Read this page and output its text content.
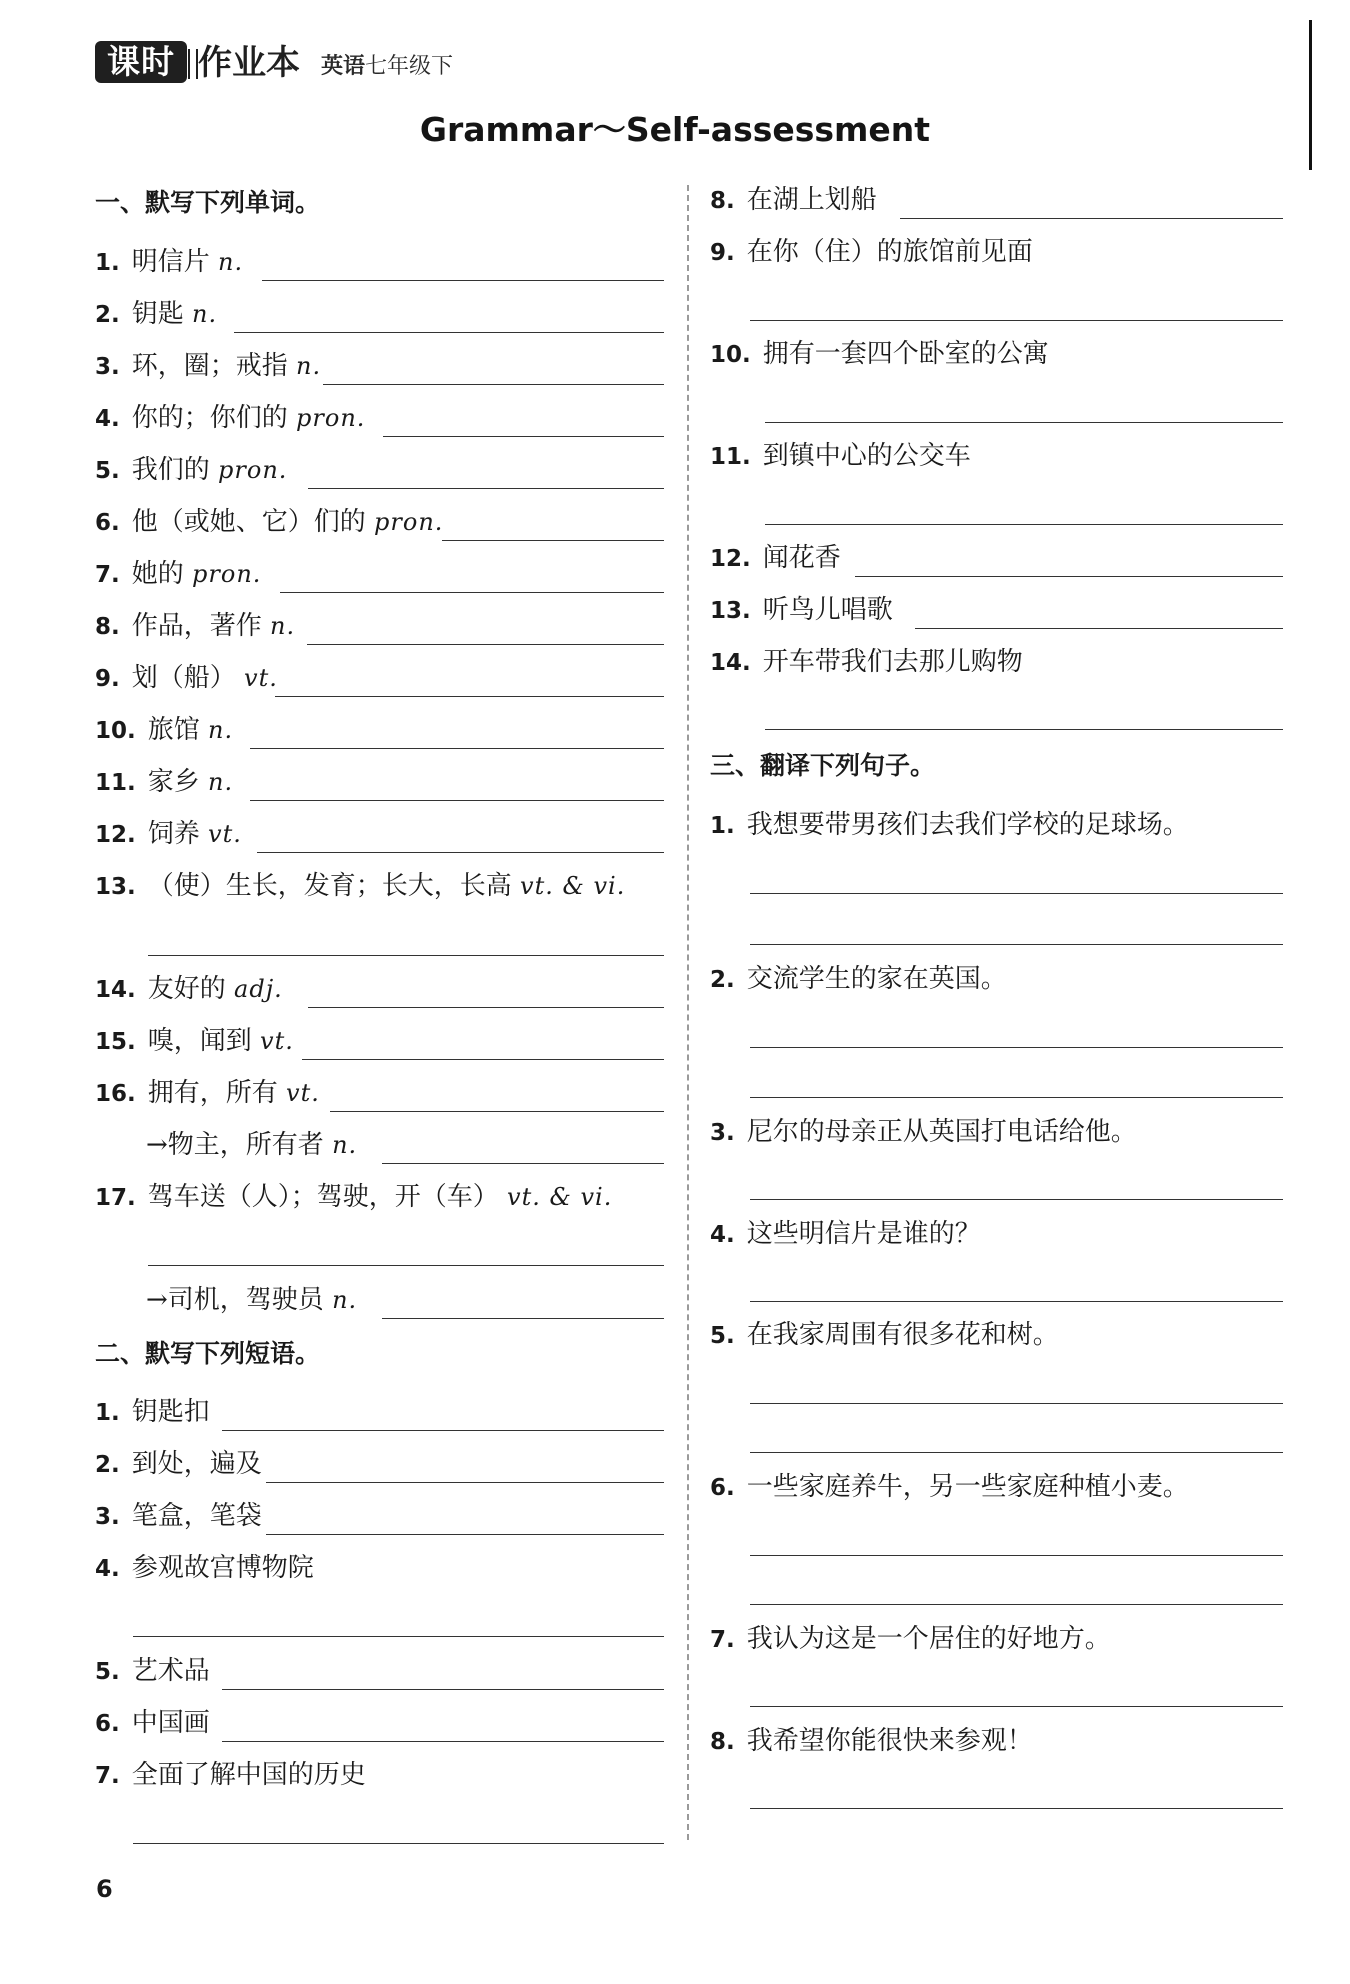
课时 作业本 英语七年级下
Grammar～Self-assessment
一、默写下列单词。
1. 明信片 n.
2. 钥匙 n.
3. 环，圈；戒指 n.
4. 你的；你们的 pron.
5. 我们的 pron.
6. 他（或她、它）们的 pron.
7. 她的 pron.
8. 作品，著作 n.
9. 划（船） vt.
10. 旅馆 n.
11. 家乡 n.
12. 饲养 vt.
13. （使）生长，发育；长大，长高 vt. & vi.
14. 友好的 adj.
15. 嗅，闻到 vt.
16. 拥有，所有 vt.
→物主，所有者 n.
17. 驾车送（人）；驾驶，开（车） vt. & vi.
→司机，驾驶员 n.
二、默写下列短语。
1. 钥匙扣
2. 到处，遍及
3. 笔盒，笔袋
4. 参观故宫博物院
5. 艺术品
6. 中国画
7. 全面了解中国的历史
8. 在湖上划船
9. 在你（住）的旅馆前见面
10. 拥有一套四个卧室的公寓
11. 到镇中心的公交车
12. 闻花香
13. 听鸟儿唱歌
14. 开车带我们去那儿购物
三、翻译下列句子。
1. 我想要带男孩们去我们学校的足球场。
2. 交流学生的家在英国。
3. 尼尔的母亲正从英国打电话给他。
4. 这些明信片是谁的？
5. 在我家周围有很多花和树。
6. 一些家庭养牛，另一些家庭种植小麦。
7. 我认为这是一个居住的好地方。
8. 我希望你能很快来参观！
6
